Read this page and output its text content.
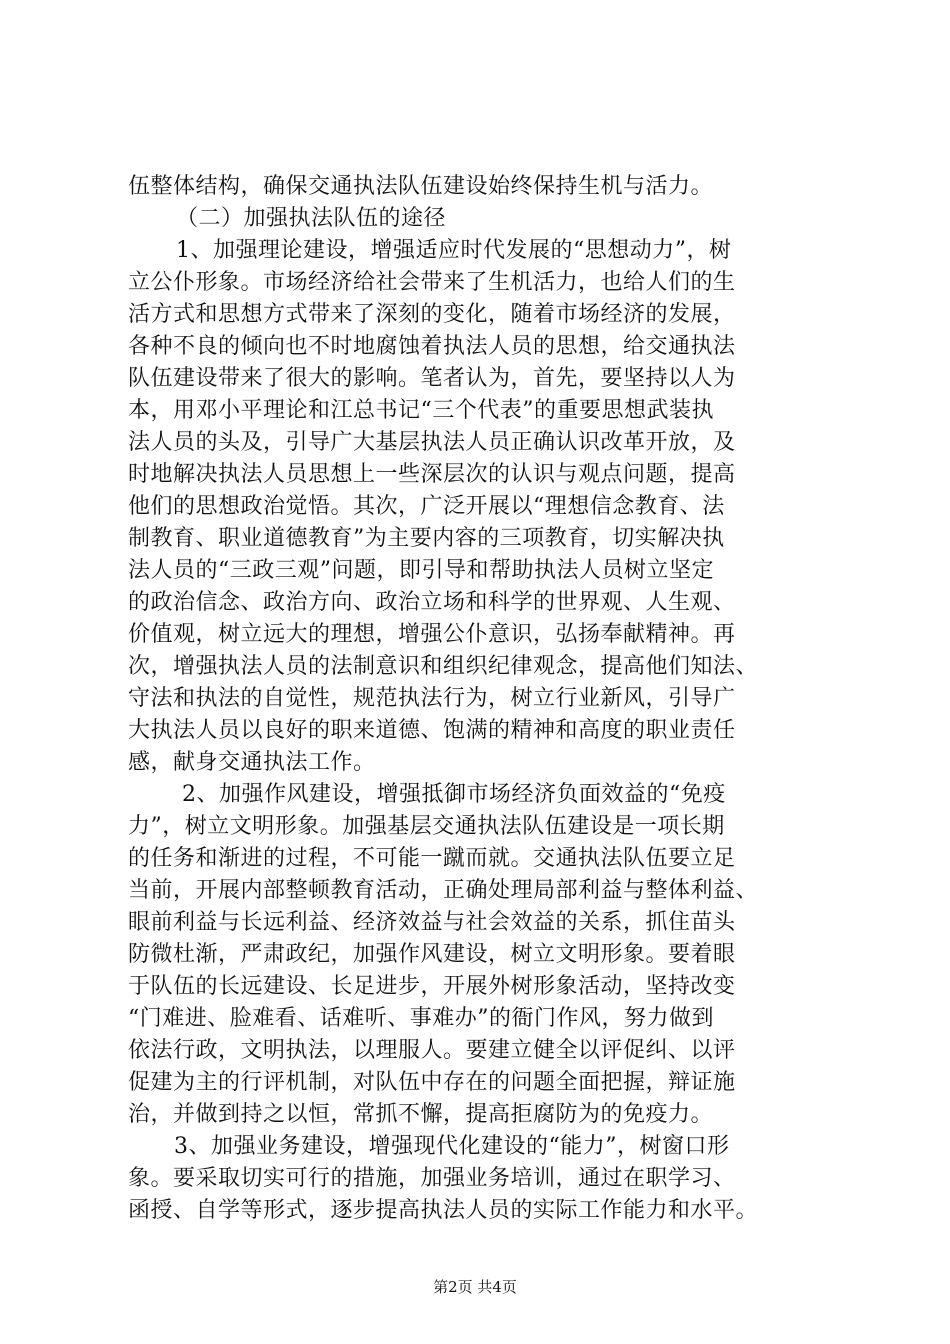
伍整体结构，确保交通执法队伍建设始终保持生机与活力。
（二）加强执法队伍的途径
1、加强理论建设，增强适应时代发展的“思想动力”，树
立公仆形象。市场经济给社会带来了生机活力，也给人们的生
活方式和思想方式带来了深刻的变化，随着市场经济的发展，
各种不良的倾向也不时地腐蚀着执法人员的思想，给交通执法
队伍建设带来了很大的影响。笔者认为，首先，要坚持以人为
本，用邓小平理论和江总书记“三个代表”的重要思想武装执
法人员的头及，引导广大基层执法人员正确认识改革开放，及
时地解决执法人员思想上一些深层次的认识与观点问题，提高
他们的思想政治觉悟。其次，广泛开展以“理想信念教育、法
制教育、职业道德教育”为主要内容的三项教育，切实解决执
法人员的“三政三观”问题，即引导和帮助执法人员树立坚定
的政治信念、政治方向、政治立场和科学的世界观、人生观、
价值观，树立远大的理想，增强公仆意识，弘扬奉献精神。再
次，增强执法人员的法制意识和组织纪律观念，提高他们知法、
守法和执法的自觉性，规范执法行为，树立行业新风，引导广
大执法人员以良好的职来道德、饱满的精神和高度的职业责任
感，献身交通执法工作。
2、加强作风建设，增强抵御市场经济负面效益的“免疫
力”，树立文明形象。加强基层交通执法队伍建设是一项长期
的任务和渐进的过程，不可能一蹴而就。交通执法队伍要立足
当前，开展内部整顿教育活动，正确处理局部利益与整体利益、
眼前利益与长远利益、经济效益与社会效益的关系，抓住苗头
防微杜渐，严肃政纪，加强作风建设，树立文明形象。要着眼
于队伍的长远建设、长足进步，开展外树形象活动，坚持改变
“门难进、脸难看、话难听、事难办”的衙门作风，努力做到
依法行政，文明执法，以理服人。要建立健全以评促纠、以评
促建为主的行评机制，对队伍中存在的问题全面把握，辩证施
治，并做到持之以恒，常抓不懈，提高拒腐防为的免疫力。
3、加强业务建设，增强现代化建设的“能力”，树窗口形
象。要采取切实可行的措施，加强业务培训，通过在职学习、
函授、自学等形式，逐步提高执法人员的实际工作能力和水平。
第2页 共4页
